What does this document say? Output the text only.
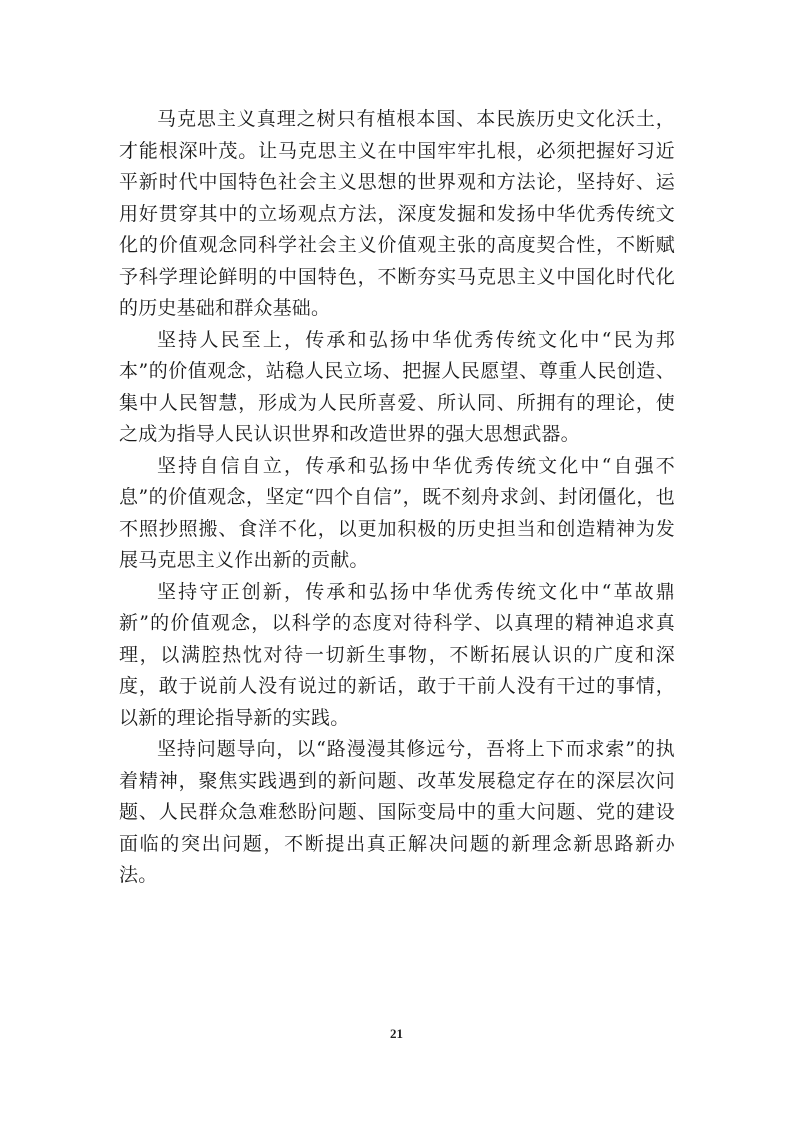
马克思主义真理之树只有植根本国、本民族历史文化沃土，才能根深叶茂。让马克思主义在中国牢牢扎根，必须把握好习近平新时代中国特色社会主义思想的世界观和方法论，坚持好、运用好贯穿其中的立场观点方法，深度发掘和发扬中华优秀传统文化的价值观念同科学社会主义价值观主张的高度契合性，不断赋予科学理论鲜明的中国特色，不断夯实马克思主义中国化时代化的历史基础和群众基础。

坚持人民至上，传承和弘扬中华优秀传统文化中“民为邦本”的价值观念，站稳人民立场、把握人民愿望、尊重人民创造、集中人民智慧，形成为人民所喜爱、所认同、所拥有的理论，使之成为指导人民认识世界和改造世界的强大思想武器。

坚持自信自立，传承和弘扬中华优秀传统文化中“自强不息”的价值观念，坚定“四个自信”，既不刻舟求剑、封闭僵化，也不照抄照搬、食洋不化，以更加积极的历史担当和创造精神为发展马克思主义作出新的贡献。

坚持守正创新，传承和弘扬中华优秀传统文化中“革故鼎新”的价值观念，以科学的态度对待科学、以真理的精神追求真理，以满腔热忱对待一切新生事物，不断拓展认识的广度和深度，敢于说前人没有说过的新话，敢于干前人没有干过的事情，以新的理论指导新的实践。

坚持问题导向，以“路漫漫其修远兮，吾将上下而求索”的执着精神，聚焦实践遇到的新问题、改革发展稳定存在的深层次问题、人民群众急难愁盼问题、国际变局中的重大问题、党的建设面临的突出问题，不断提出真正解决问题的新理念新思路新办法。

21
